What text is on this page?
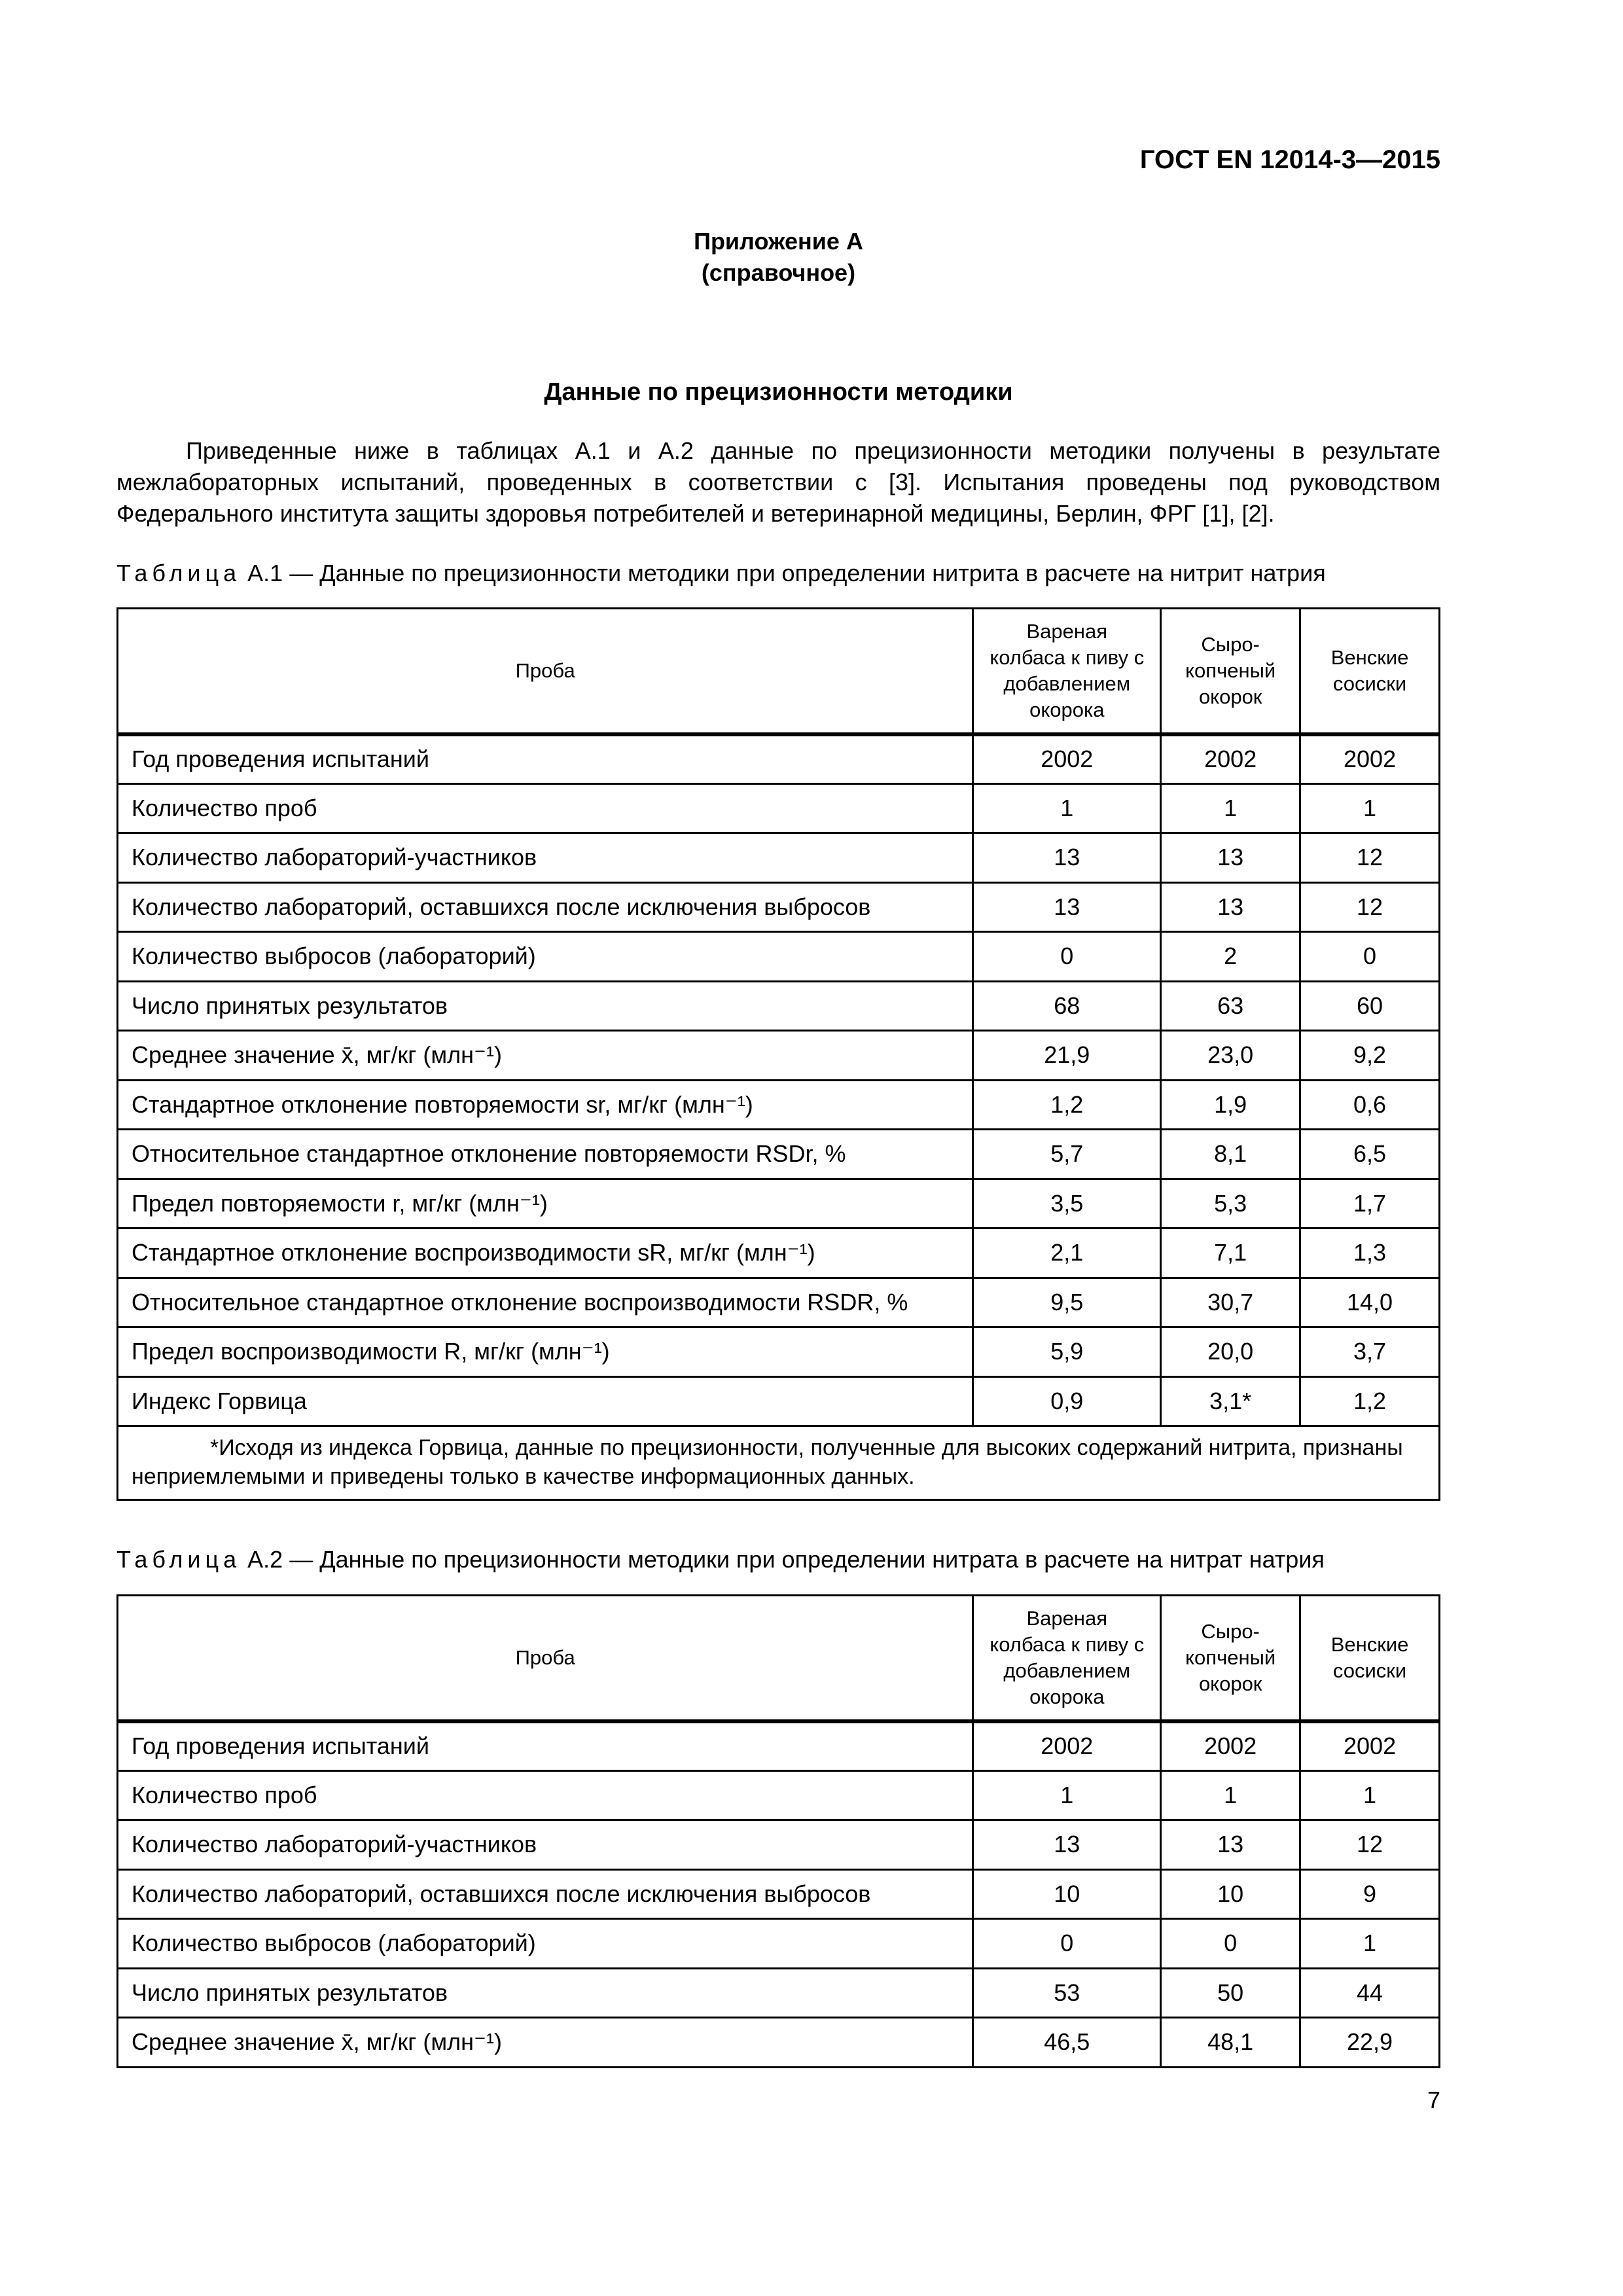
ГОСТ EN 12014-3—2015
Приложение А
(справочное)
Данные по прецизионности методики

Приведенные ниже в таблицах А.1 и А.2 данные по прецизионности методики получены в результате межлабораторных испытаний, проведенных в соответствии с [3]. Испытания проведены под руководством Федерального института защиты здоровья потребителей и ветеринарной медицины, Берлин, ФРГ [1], [2].

Таблица А.1 — Данные по прецизионности методики при определении нитрита в расчете на нитрит натрия
Проба	Вареная колбаса к пиву с добавлением окорока	Сыро-копченый окорок	Венские сосиски
Год проведения испытаний	2002	2002	2002
Количество проб	1	1	1
Количество лабораторий-участников	13	13	12
Количество лабораторий, оставшихся после исключения выбросов	13	13	12
Количество выбросов (лабораторий)	0	2	0
Число принятых результатов	68	63	60
Среднее значение x̄, мг/кг (млн⁻¹)	21,9	23,0	9,2
Стандартное отклонение повторяемости sr, мг/кг (млн⁻¹)	1,2	1,9	0,6
Относительное стандартное отклонение повторяемости RSDr, %	5,7	8,1	6,5
Предел повторяемости r, мг/кг (млн⁻¹)	3,5	5,3	1,7
Стандартное отклонение воспроизводимости sR, мг/кг (млн⁻¹)	2,1	7,1	1,3
Относительное стандартное отклонение воспроизводимости RSDR, %	9,5	30,7	14,0
Предел воспроизводимости R, мг/кг (млн⁻¹)	5,9	20,0	3,7
Индекс Горвица	0,9	3,1*	1,2
*Исходя из индекса Горвица, данные по прецизионности, полученные для высоких содержаний нитрита, признаны неприемлемыми и приведены только в качестве информационных данных.			
Таблица А.2 — Данные по прецизионности методики при определении нитрата в расчете на нитрат натрия
Проба	Вареная колбаса к пиву с добавлением окорока	Сыро-копченый окорок	Венские сосиски
Год проведения испытаний	2002	2002	2002
Количество проб	1	1	1
Количество лабораторий-участников	13	13	12
Количество лабораторий, оставшихся после исключения выбросов	10	10	9
Количество выбросов (лабораторий)	0	0	1
Число принятых результатов	53	50	44
Среднее значение x̄, мг/кг (млн⁻¹)	46,5	48,1	22,9
7
